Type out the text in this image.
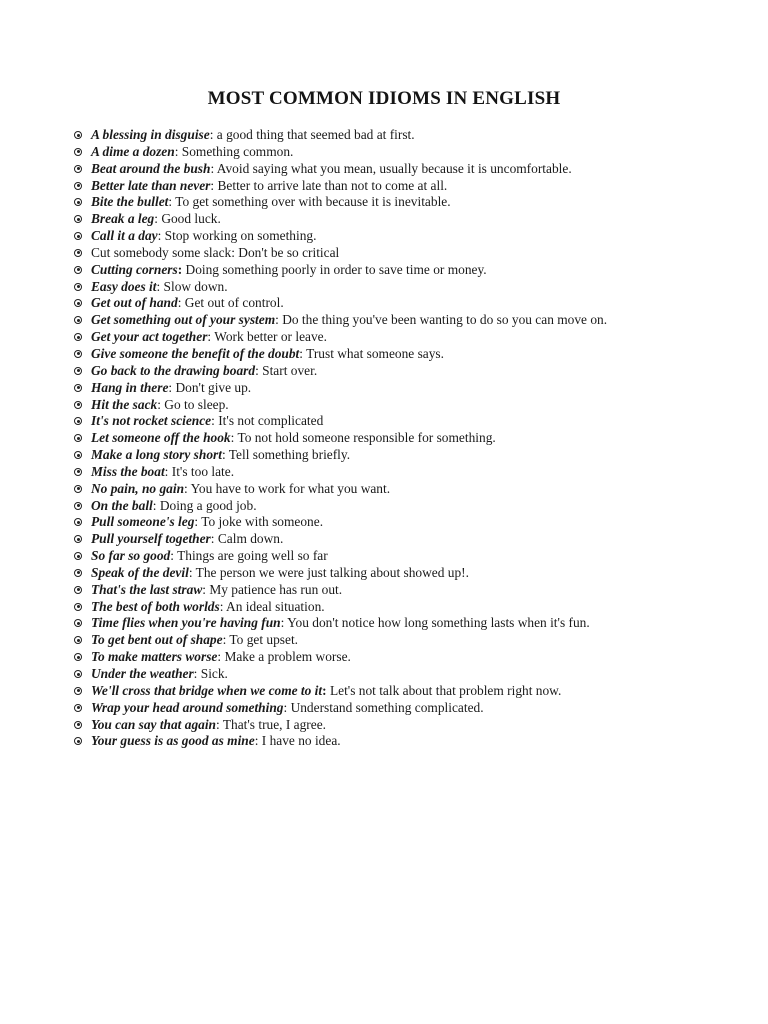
MOST COMMON IDIOMS IN ENGLISH
A blessing in disguise: a good thing that seemed bad at first.
A dime a dozen: Something common.
Beat around the bush: Avoid saying what you mean, usually because it is uncomfortable.
Better late than never: Better to arrive late than not to come at all.
Bite the bullet: To get something over with because it is inevitable.
Break a leg: Good luck.
Call it a day: Stop working on something.
Cut somebody some slack: Don't be so critical
Cutting corners: Doing something poorly in order to save time or money.
Easy does it: Slow down.
Get out of hand: Get out of control.
Get something out of your system: Do the thing you've been wanting to do so you can move on.
Get your act together: Work better or leave.
Give someone the benefit of the doubt: Trust what someone says.
Go back to the drawing board: Start over.
Hang in there: Don't give up.
Hit the sack: Go to sleep.
It's not rocket science: It's not complicated
Let someone off the hook: To not hold someone responsible for something.
Make a long story short: Tell something briefly.
Miss the boat: It's too late.
No pain, no gain: You have to work for what you want.
On the ball: Doing a good job.
Pull someone's leg: To joke with someone.
Pull yourself together: Calm down.
So far so good: Things are going well so far
Speak of the devil: The person we were just talking about showed up!.
That's the last straw: My patience has run out.
The best of both worlds: An ideal situation.
Time flies when you're having fun: You don't notice how long something lasts when it's fun.
To get bent out of shape: To get upset.
To make matters worse: Make a problem worse.
Under the weather: Sick.
We'll cross that bridge when we come to it: Let's not talk about that problem right now.
Wrap your head around something: Understand something complicated.
You can say that again: That's true, I agree.
Your guess is as good as mine: I have no idea.
